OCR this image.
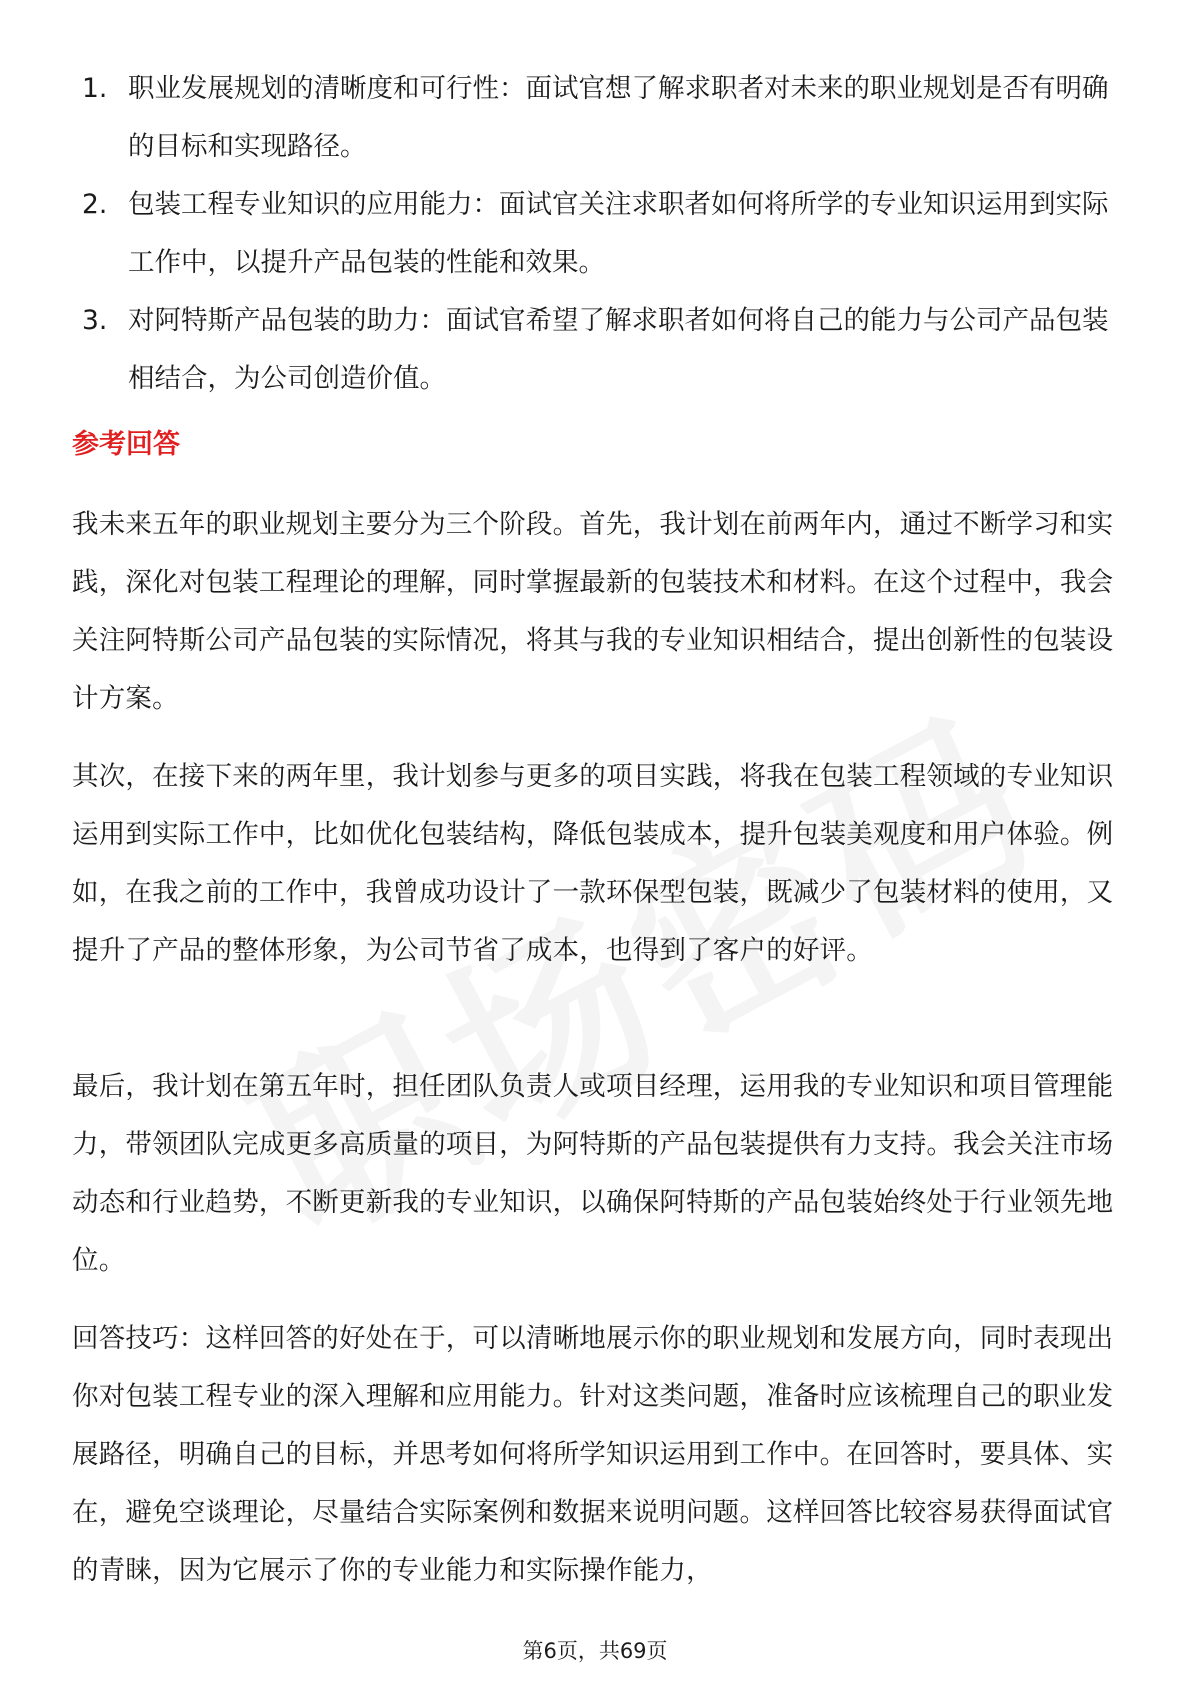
1. 职业发展规划的清晰度和可行性：面试官想了解求职者对未来的职业规划是否有明确的目标和实现路径。
2. 包装工程专业知识的应用能力：面试官关注求职者如何将所学的专业知识运用到实际工作中，以提升产品包装的性能和效果。
3. 对阿特斯产品包装的助力：面试官希望了解求职者如何将自己的能力与公司产品包装相结合，为公司创造价值。
参考回答

我未来五年的职业规划主要分为三个阶段。首先，我计划在前两年内，通过不断学习和实践，深化对包装工程理论的理解，同时掌握最新的包装技术和材料。在这个过程中，我会关注阿特斯公司产品包装的实际情况，将其与我的专业知识相结合，提出创新性的包装设计方案。

其次，在接下来的两年里，我计划参与更多的项目实践，将我在包装工程领域的专业知识运用到实际工作中，比如优化包装结构，降低包装成本，提升包装美观度和用户体验。例如，在我之前的工作中，我曾成功设计了一款环保型包装，既减少了包装材料的使用，又提升了产品的整体形象，为公司节省了成本，也得到了客户的好评。

最后，我计划在第五年时，担任团队负责人或项目经理，运用我的专业知识和项目管理能力，带领团队完成更多高质量的项目，为阿特斯的产品包装提供有力支持。我会关注市场动态和行业趋势，不断更新我的专业知识，以确保阿特斯的产品包装始终处于行业领先地位。

回答技巧：这样回答的好处在于，可以清晰地展示你的职业规划和发展方向，同时表现出你对包装工程专业的深入理解和应用能力。针对这类问题，准备时应该梳理自己的职业发展路径，明确自己的目标，并思考如何将所学知识运用到工作中。在回答时，要具体、实在，避免空谈理论，尽量结合实际案例和数据来说明问题。这样回答比较容易获得面试官的青睐，因为它展示了你的专业能力和实际操作能力，

第6页，共69页
